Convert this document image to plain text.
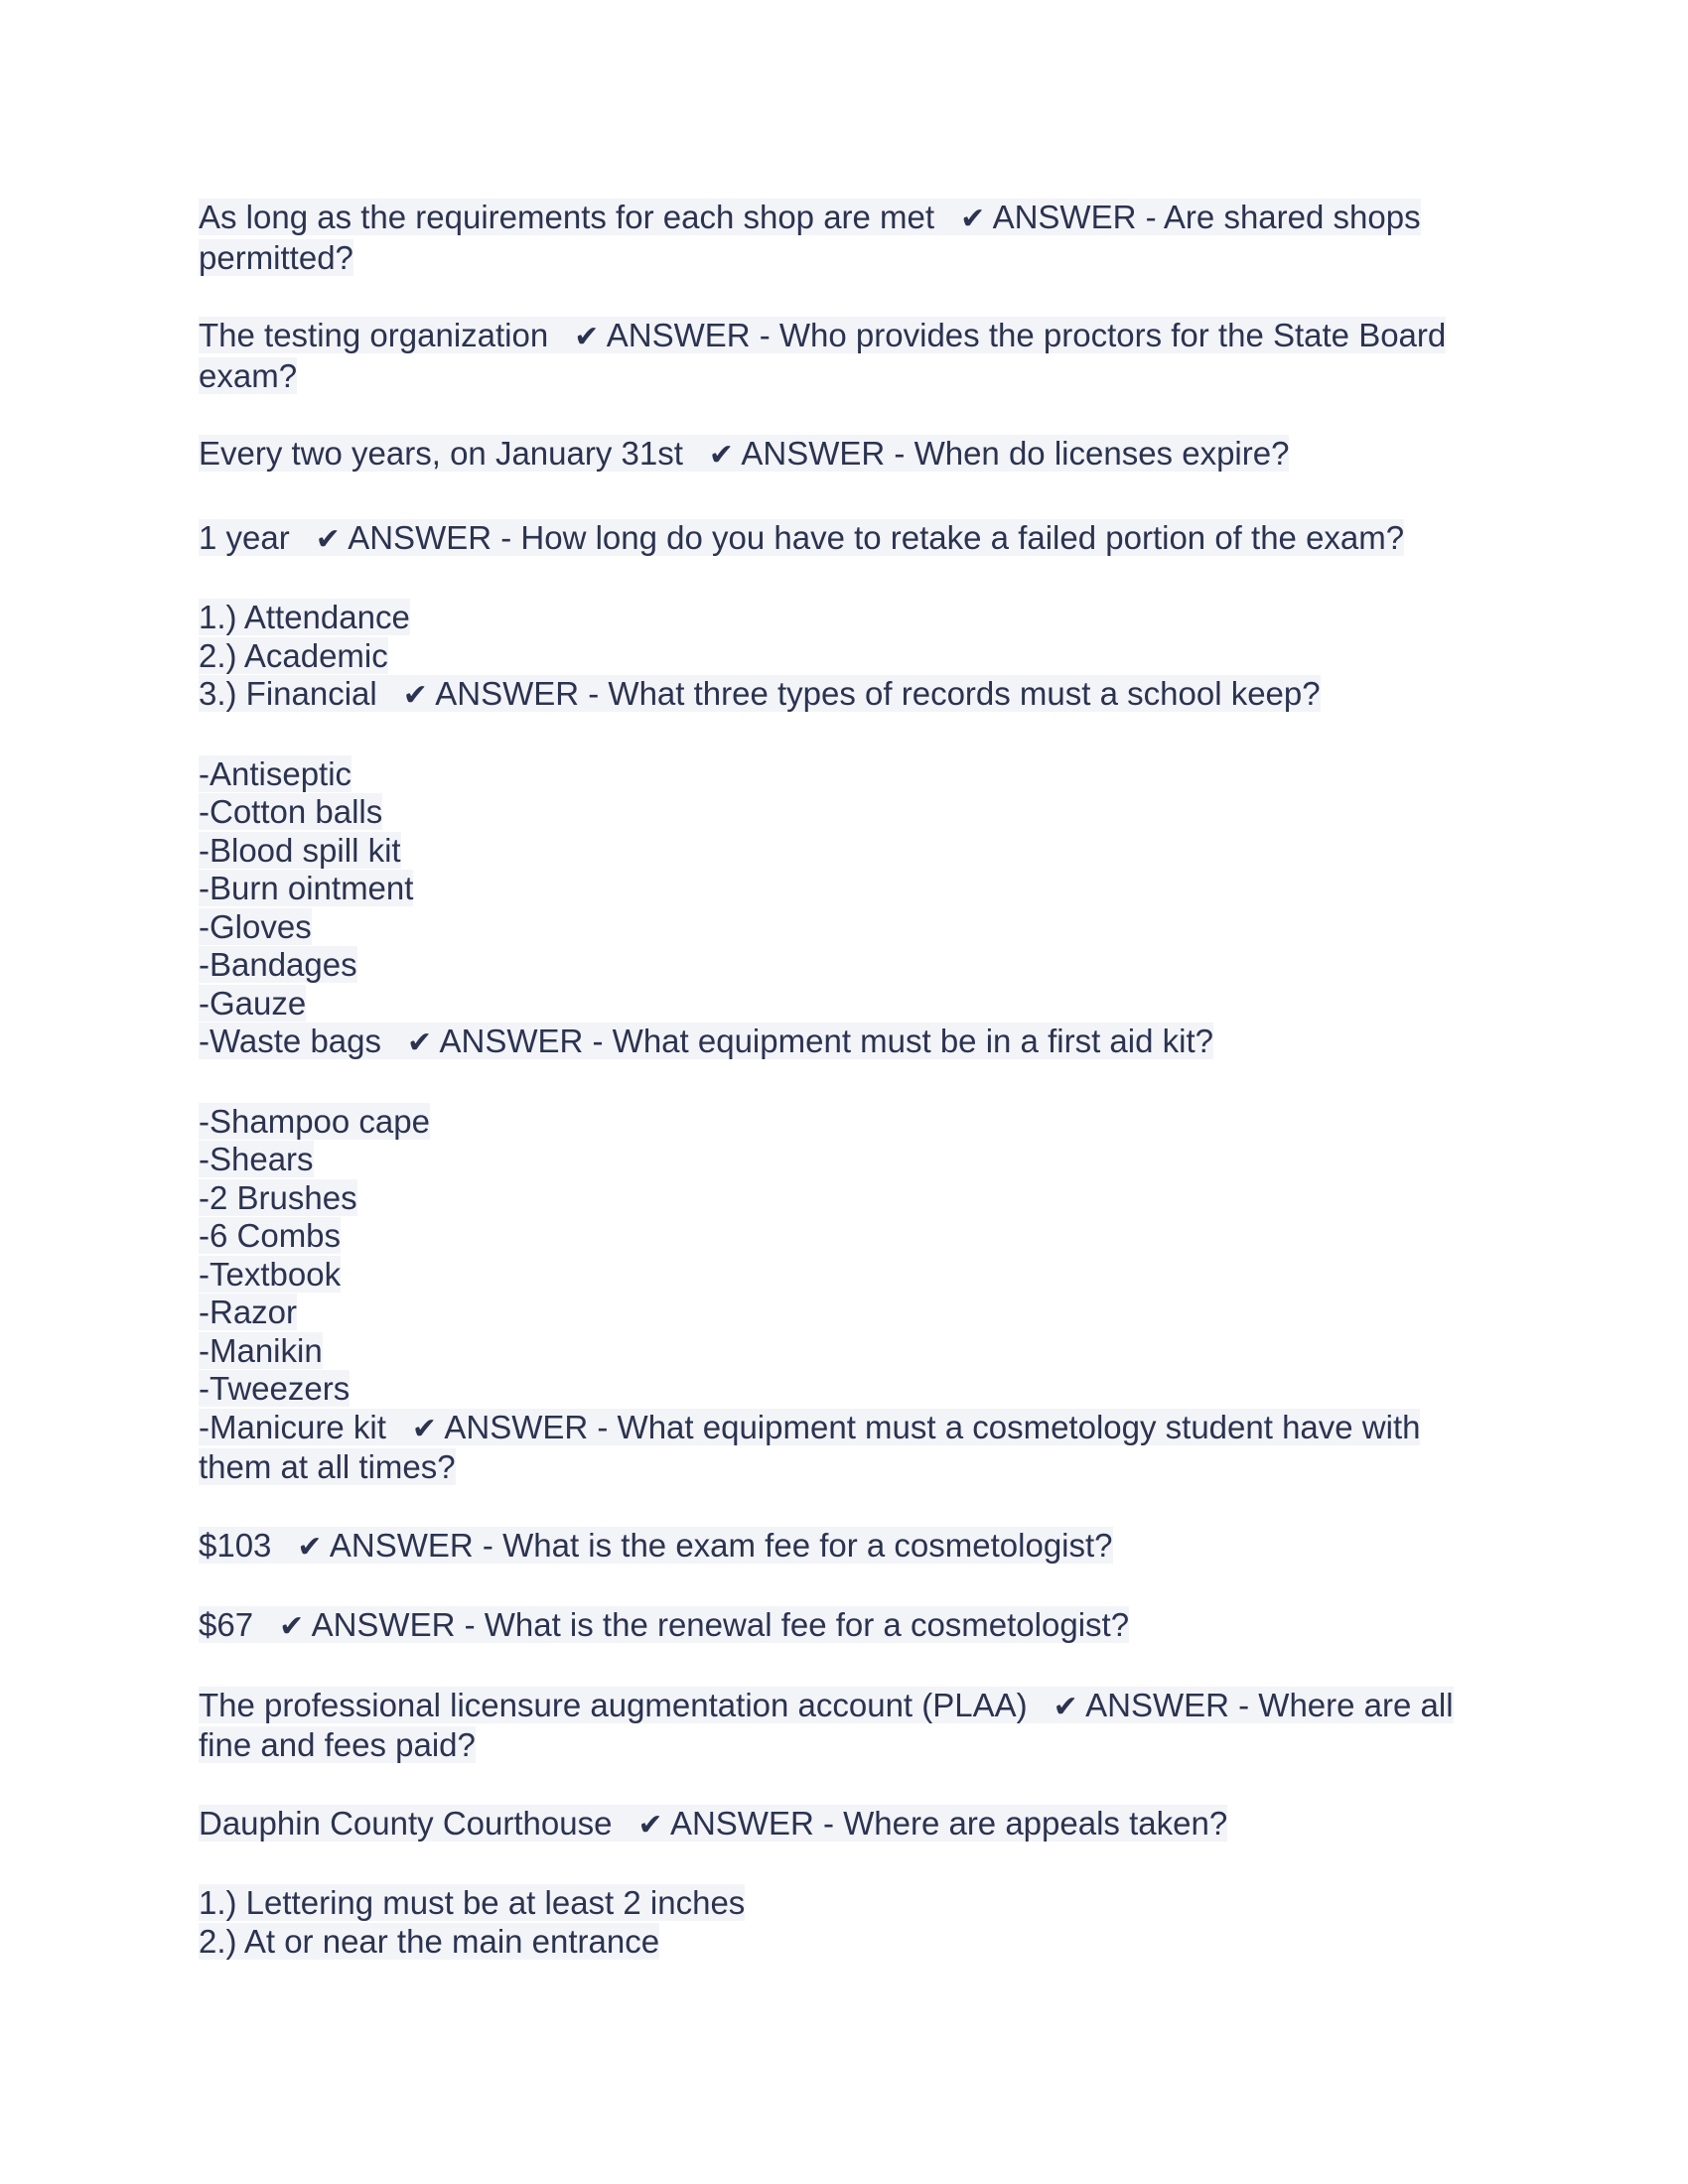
As long as the requirements for each shop are met ✔ ANSWER - Are shared shops permitted?
The testing organization ✔ ANSWER - Who provides the proctors for the State Board exam?
Every two years, on January 31st ✔ ANSWER - When do licenses expire?
1 year ✔ ANSWER - How long do you have to retake a failed portion of the exam?
1.) Attendance
2.) Academic
3.) Financial ✔ ANSWER - What three types of records must a school keep?
-Antiseptic
-Cotton balls
-Blood spill kit
-Burn ointment
-Gloves
-Bandages
-Gauze
-Waste bags ✔ ANSWER - What equipment must be in a first aid kit?
-Shampoo cape
-Shears
-2 Brushes
-6 Combs
-Textbook
-Razor
-Manikin
-Tweezers
-Manicure kit ✔ ANSWER - What equipment must a cosmetology student have with them at all times?
$103 ✔ ANSWER - What is the exam fee for a cosmetologist?
$67 ✔ ANSWER - What is the renewal fee for a cosmetologist?
The professional licensure augmentation account (PLAA) ✔ ANSWER - Where are all fine and fees paid?
Dauphin County Courthouse ✔ ANSWER - Where are appeals taken?
1.) Lettering must be at least 2 inches
2.) At or near the main entrance
